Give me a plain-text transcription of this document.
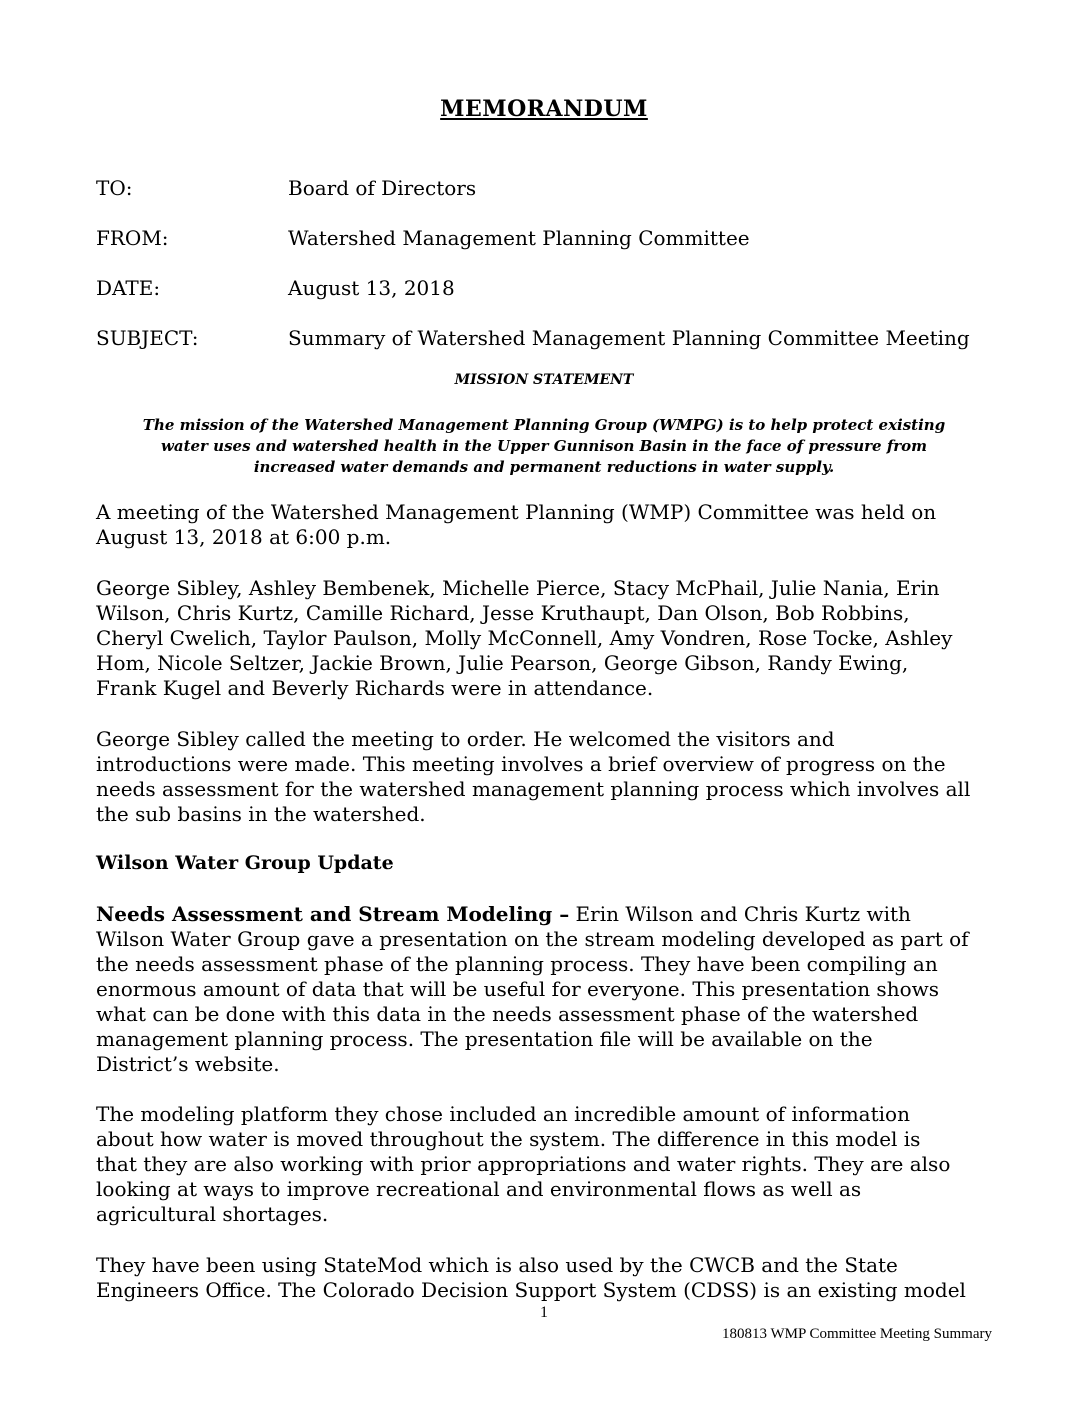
MEMORANDUM
TO:	Board of Directors
FROM:	Watershed Management Planning Committee
DATE:	August 13, 2018
SUBJECT:	Summary of Watershed Management Planning Committee Meeting
MISSION STATEMENT
The mission of the Watershed Management Planning Group (WMPG) is to help protect existing
water uses and watershed health in the Upper Gunnison Basin in the face of pressure from
increased water demands and permanent reductions in water supply.

A meeting of the Watershed Management Planning (WMP) Committee was held on
August 13, 2018 at 6:00 p.m.

George Sibley, Ashley Bembenek, Michelle Pierce, Stacy McPhail, Julie Nania, Erin
Wilson, Chris Kurtz, Camille Richard, Jesse Kruthaupt, Dan Olson, Bob Robbins,
Cheryl Cwelich, Taylor Paulson, Molly McConnell, Amy Vondren, Rose Tocke, Ashley
Hom, Nicole Seltzer, Jackie Brown, Julie Pearson, George Gibson, Randy Ewing,
Frank Kugel and Beverly Richards were in attendance.

George Sibley called the meeting to order. He welcomed the visitors and
introductions were made. This meeting involves a brief overview of progress on the
needs assessment for the watershed management planning process which involves all
the sub basins in the watershed.

Wilson Water Group Update

Needs Assessment and Stream Modeling – Erin Wilson and Chris Kurtz with
Wilson Water Group gave a presentation on the stream modeling developed as part of
the needs assessment phase of the planning process. They have been compiling an
enormous amount of data that will be useful for everyone. This presentation shows
what can be done with this data in the needs assessment phase of the watershed
management planning process. The presentation file will be available on the
District’s website.

The modeling platform they chose included an incredible amount of information
about how water is moved throughout the system. The difference in this model is
that they are also working with prior appropriations and water rights. They are also
looking at ways to improve recreational and environmental flows as well as
agricultural shortages.

They have been using StateMod which is also used by the CWCB and the State
Engineers Office. The Colorado Decision Support System (CDSS) is an existing model

1
180813 WMP Committee Meeting Summary
